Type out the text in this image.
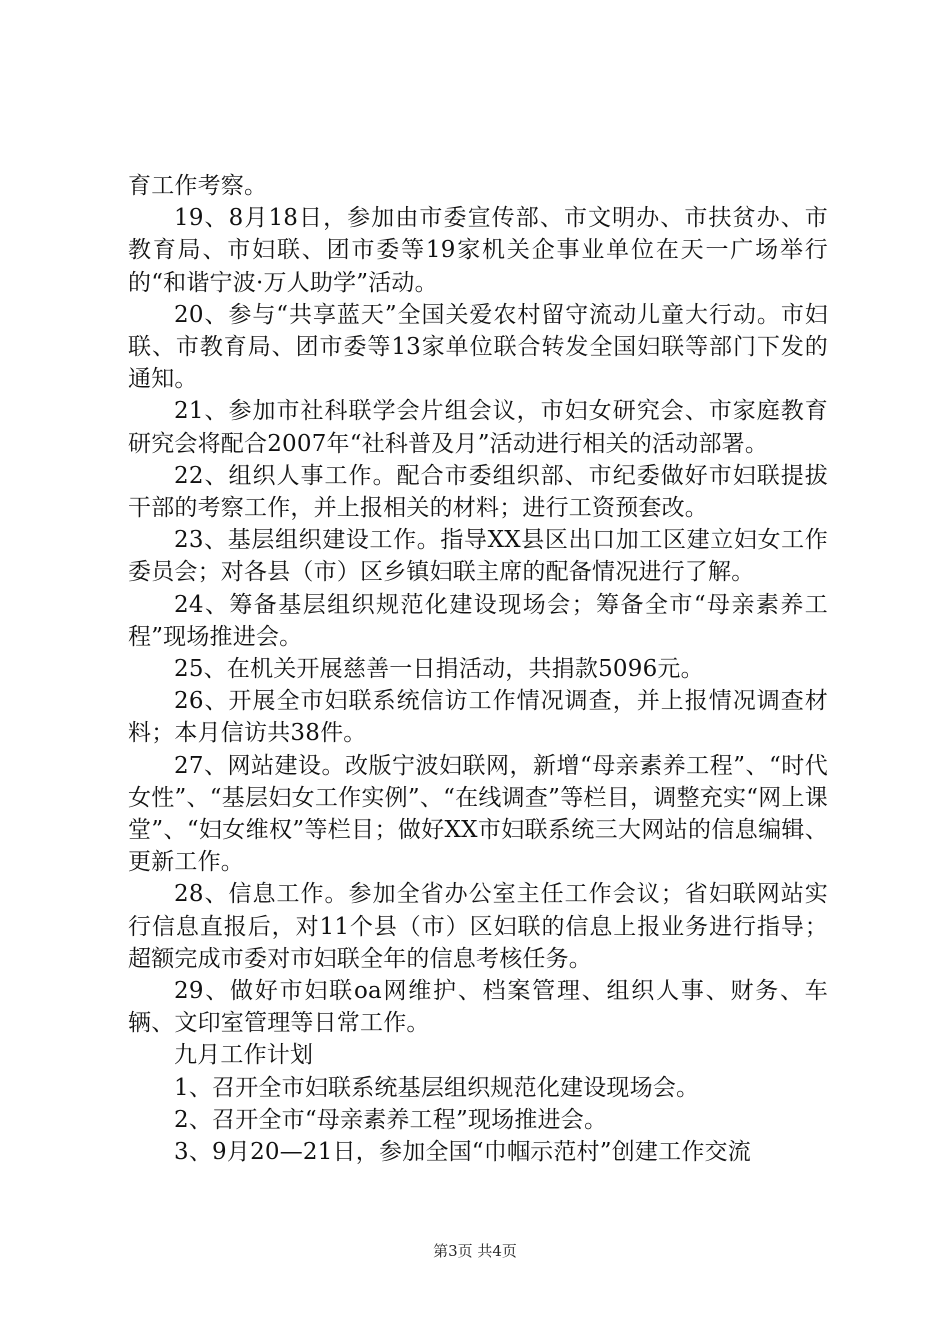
育工作考察。

19、8月18日，参加由市委宣传部、市文明办、市扶贫办、市教育局、市妇联、团市委等19家机关企事业单位在天一广场举行的“和谐宁波·万人助学”活动。

20、参与“共享蓝天”全国关爱农村留守流动儿童大行动。市妇联、市教育局、团市委等13家单位联合转发全国妇联等部门下发的通知。

21、参加市社科联学会片组会议，市妇女研究会、市家庭教育研究会将配合2007年“社科普及月”活动进行相关的活动部署。

22、组织人事工作。配合市委组织部、市纪委做好市妇联提拔干部的考察工作，并上报相关的材料；进行工资预套改。

23、基层组织建设工作。指导XX县区出口加工区建立妇女工作委员会；对各县（市）区乡镇妇联主席的配备情况进行了解。

24、筹备基层组织规范化建设现场会；筹备全市“母亲素养工程”现场推进会。

25、在机关开展慈善一日捐活动，共捐款5096元。

26、开展全市妇联系统信访工作情况调查，并上报情况调查材料；本月信访共38件。

27、网站建设。改版宁波妇联网，新增“母亲素养工程”、“时代女性”、“基层妇女工作实例”、“在线调查”等栏目，调整充实“网上课堂”、“妇女维权”等栏目；做好XX市妇联系统三大网站的信息编辑、更新工作。

28、信息工作。参加全省办公室主任工作会议；省妇联网站实行信息直报后，对11个县（市）区妇联的信息上报业务进行指导；超额完成市委对市妇联全年的信息考核任务。

29、做好市妇联oa网维护、档案管理、组织人事、财务、车辆、文印室管理等日常工作。

九月工作计划

1、召开全市妇联系统基层组织规范化建设现场会。

2、召开全市“母亲素养工程”现场推进会。

3、9月20—21日，参加全国“巾帼示范村”创建工作交流

第3页 共4页
